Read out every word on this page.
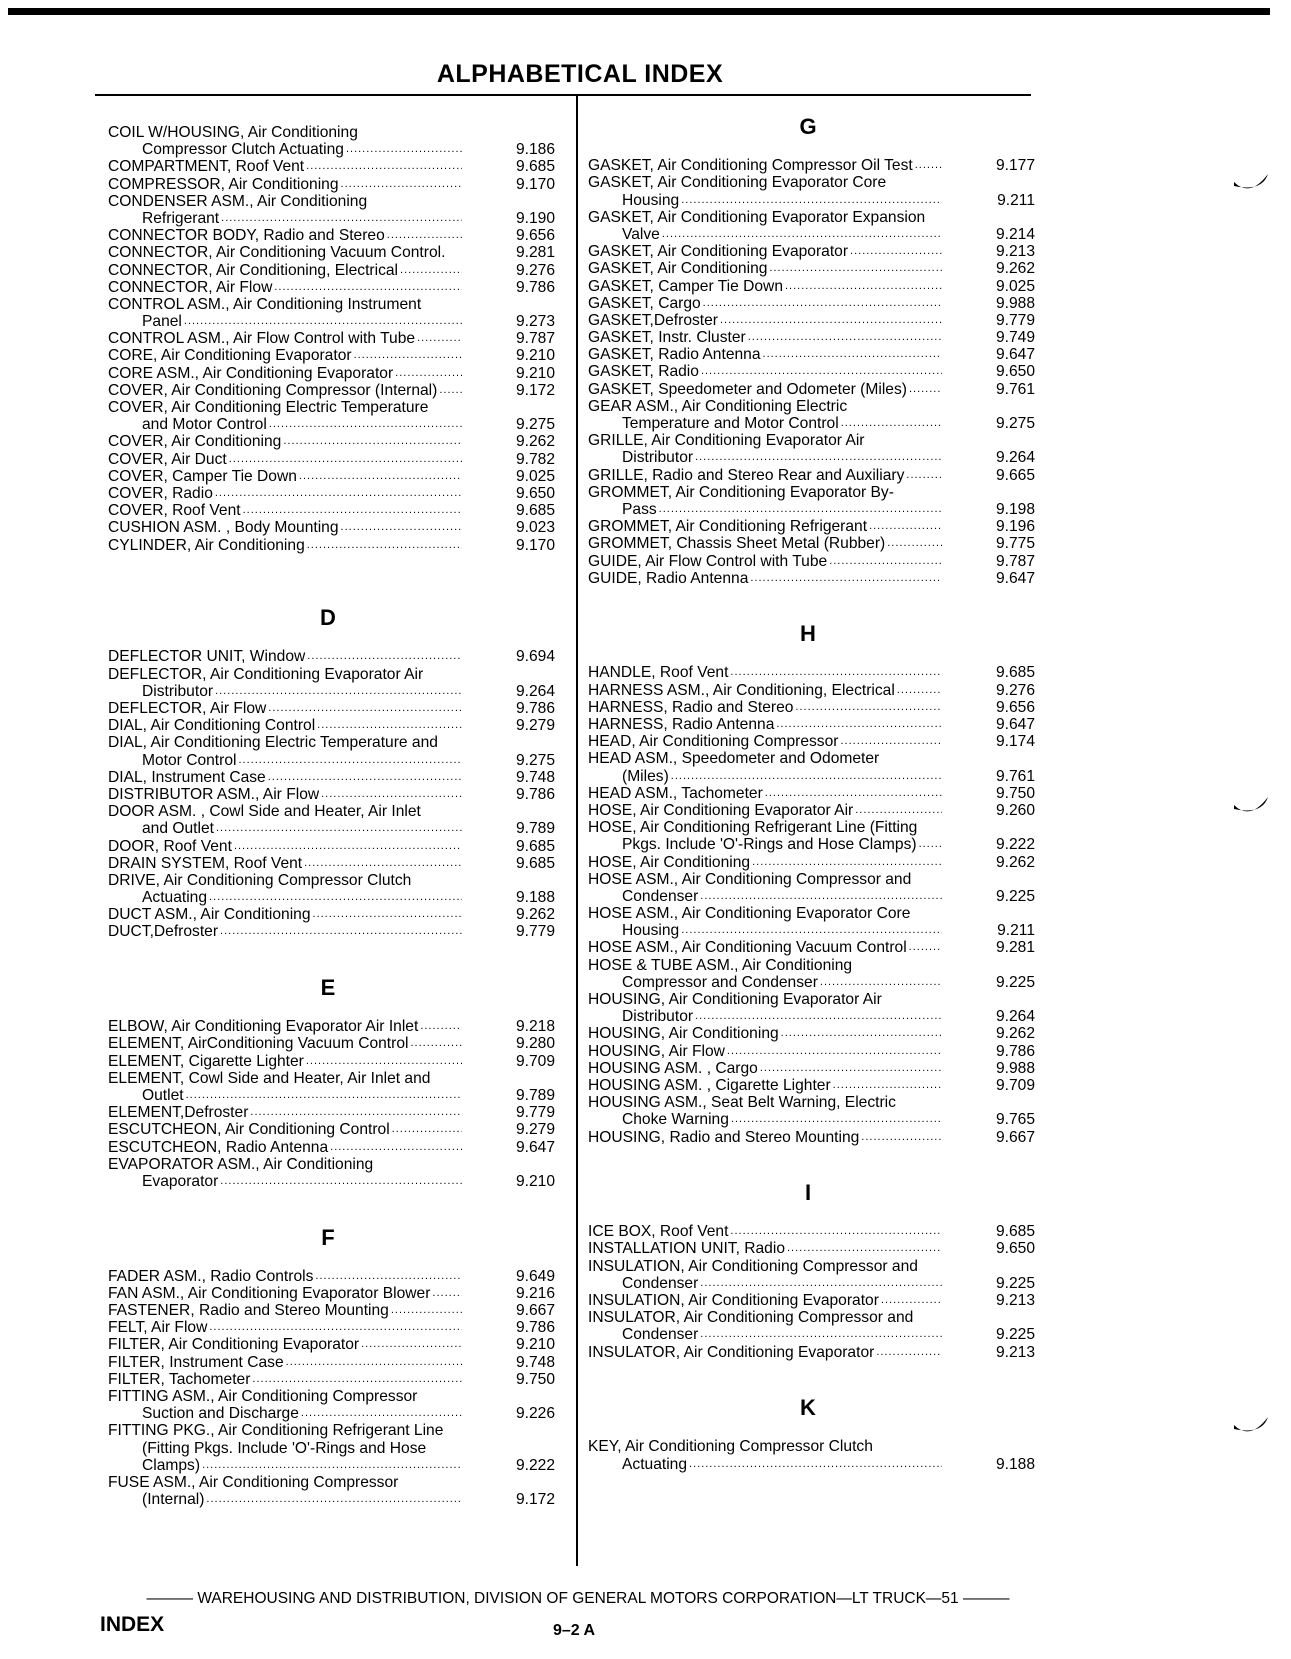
ALPHABETICAL INDEX
COIL W/HOUSING, Air Conditioning
Compressor Clutch Actuating .....	9.186
COMPARTMENT, Roof Vent .....	9.685
COMPRESSOR, Air Conditioning .....	9.170
CONDENSER ASM., Air Conditioning
Refrigerant .....	9.190
CONNECTOR BODY, Radio and Stereo .....	9.656
CONNECTOR, Air Conditioning Vacuum Control.	9.281
CONNECTOR, Air Conditioning, Electrical .....	9.276
CONNECTOR, Air Flow .....	9.786
CONTROL ASM., Air Conditioning Instrument
Panel .....	9.273
CONTROL ASM., Air Flow Control with Tube .....	9.787
CORE, Air Conditioning Evaporator .....	9.210
CORE ASM., Air Conditioning Evaporator .....	9.210
COVER, Air Conditioning Compressor (Internal) .....	9.172
COVER, Air Conditioning Electric Temperature
and Motor Control .....	9.275
COVER, Air Conditioning .....	9.262
COVER, Air Duct .....	9.782
COVER, Camper Tie Down .....	9.025
COVER, Radio .....	9.650
COVER, Roof Vent .....	9.685
CUSHION ASM. , Body Mounting .....	9.023
CYLINDER, Air Conditioning .....	9.170
D
DEFLECTOR UNIT, Window .....	9.694
DEFLECTOR, Air Conditioning Evaporator Air
Distributor .....	9.264
DEFLECTOR, Air Flow .....	9.786
DIAL, Air Conditioning Control .....	9.279
DIAL, Air Conditioning Electric Temperature and
Motor Control .....	9.275
DIAL, Instrument Case .....	9.748
DISTRIBUTOR ASM., Air Flow .....	9.786
DOOR ASM. , Cowl Side and Heater, Air Inlet
and Outlet .....	9.789
DOOR, Roof Vent .....	9.685
DRAIN SYSTEM, Roof Vent .....	9.685
DRIVE, Air Conditioning Compressor Clutch
Actuating .....	9.188
DUCT ASM., Air Conditioning .....	9.262
DUCT,Defroster .....	9.779
E
ELBOW, Air Conditioning Evaporator Air Inlet .....	9.218
ELEMENT, AirConditioning Vacuum Control .....	9.280
ELEMENT, Cigarette Lighter .....	9.709
ELEMENT, Cowl Side and Heater, Air Inlet and
Outlet .....	9.789
ELEMENT,Defroster .....	9.779
ESCUTCHEON, Air Conditioning Control .....	9.279
ESCUTCHEON, Radio Antenna .....	9.647
EVAPORATOR ASM., Air Conditioning
Evaporator .....	9.210
F
FADER ASM., Radio Controls .....	9.649
FAN ASM., Air Conditioning Evaporator Blower .....	9.216
FASTENER, Radio and Stereo Mounting .....	9.667
FELT, Air Flow .....	9.786
FILTER, Air Conditioning Evaporator .....	9.210
FILTER, Instrument Case .....	9.748
FILTER, Tachometer .....	9.750
FITTING ASM., Air Conditioning Compressor
Suction and Discharge .....	9.226
FITTING PKG., Air Conditioning Refrigerant Line
(Fitting Pkgs. Include 'O'-Rings and Hose
Clamps) .....	9.222
FUSE ASM., Air Conditioning Compressor
(Internal) .....	9.172
G
GASKET, Air Conditioning Compressor Oil Test .....	9.177
GASKET, Air Conditioning Evaporator Core
Housing .....	9.211
GASKET, Air Conditioning Evaporator Expansion
Valve .....	9.214
GASKET, Air Conditioning Evaporator .....	9.213
GASKET, Air Conditioning .....	9.262
GASKET, Camper Tie Down .....	9.025
GASKET, Cargo .....	9.988
GASKET,Defroster .....	9.779
GASKET, Instr. Cluster .....	9.749
GASKET, Radio Antenna .....	9.647
GASKET, Radio .....	9.650
GASKET, Speedometer and Odometer (Miles) .....	9.761
GEAR ASM., Air Conditioning Electric
Temperature and Motor Control .....	9.275
GRILLE, Air Conditioning Evaporator Air
Distributor .....	9.264
GRILLE, Radio and Stereo Rear and Auxiliary .....	9.665
GROMMET, Air Conditioning Evaporator By-
Pass .....	9.198
GROMMET, Air Conditioning Refrigerant .....	9.196
GROMMET, Chassis Sheet Metal (Rubber) .....	9.775
GUIDE, Air Flow Control with Tube .....	9.787
GUIDE, Radio Antenna .....	9.647
H
HANDLE, Roof Vent .....	9.685
HARNESS ASM., Air Conditioning, Electrical .....	9.276
HARNESS, Radio and Stereo .....	9.656
HARNESS, Radio Antenna .....	9.647
HEAD, Air Conditioning Compressor .....	9.174
HEAD ASM., Speedometer and Odometer
(Miles) .....	9.761
HEAD ASM., Tachometer .....	9.750
HOSE, Air Conditioning Evaporator Air .....	9.260
HOSE, Air Conditioning Refrigerant Line (Fitting
Pkgs. Include 'O'-Rings and Hose Clamps) .....	9.222
HOSE, Air Conditioning .....	9.262
HOSE ASM., Air Conditioning Compressor and
Condenser .....	9.225
HOSE ASM., Air Conditioning Evaporator Core
Housing .....	9.211
HOSE ASM., Air Conditioning Vacuum Control .....	9.281
HOSE & TUBE ASM., Air Conditioning
Compressor and Condenser .....	9.225
HOUSING, Air Conditioning Evaporator Air
Distributor .....	9.264
HOUSING, Air Conditioning .....	9.262
HOUSING, Air Flow .....	9.786
HOUSING ASM. , Cargo .....	9.988
HOUSING ASM. , Cigarette Lighter .....	9.709
HOUSING ASM., Seat Belt Warning, Electric
Choke Warning .....	9.765
HOUSING, Radio and Stereo Mounting .....	9.667
I
ICE BOX, Roof Vent .....	9.685
INSTALLATION UNIT, Radio .....	9.650
INSULATION, Air Conditioning Compressor and
Condenser .....	9.225
INSULATION, Air Conditioning Evaporator .....	9.213
INSULATOR, Air Conditioning Compressor and
Condenser .....	9.225
INSULATOR, Air Conditioning Evaporator .....	9.213
K
KEY, Air Conditioning Compressor Clutch
Actuating .....	9.188
——— WAREHOUSING AND DISTRIBUTION, DIVISION OF GENERAL MOTORS CORPORATION—LT TRUCK—51 ———
INDEX	9–2 A
